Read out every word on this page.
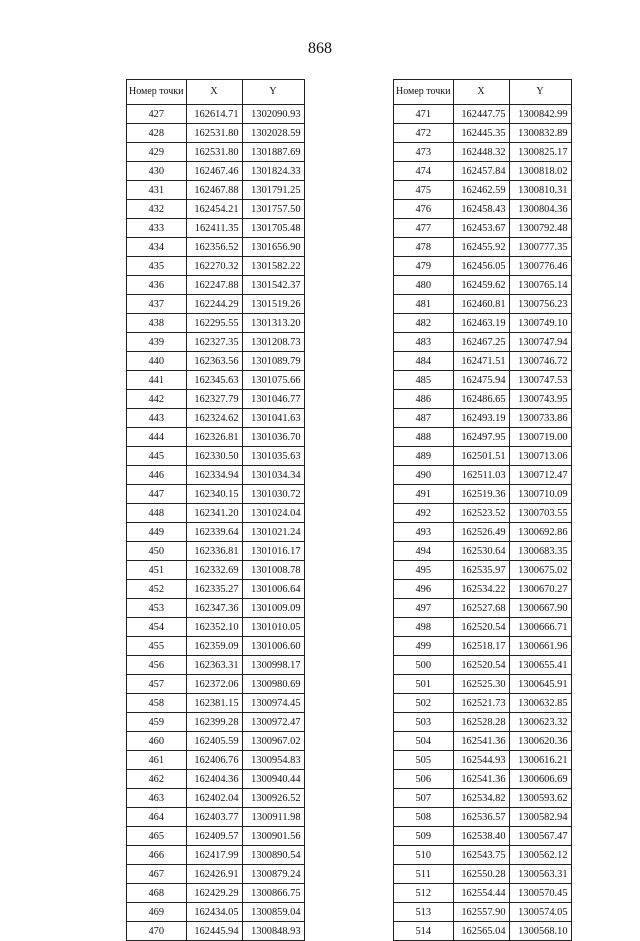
868
Номер точки	X	Y
427	162614.71	1302090.93
428	162531.80	1302028.59
429	162531.80	1301887.69
430	162467.46	1301824.33
431	162467.88	1301791.25
432	162454.21	1301757.50
433	162411.35	1301705.48
434	162356.52	1301656.90
435	162270.32	1301582.22
436	162247.88	1301542.37
437	162244.29	1301519.26
438	162295.55	1301313.20
439	162327.35	1301208.73
440	162363.56	1301089.79
441	162345.63	1301075.66
442	162327.79	1301046.77
443	162324.62	1301041.63
444	162326.81	1301036.70
445	162330.50	1301035.63
446	162334.94	1301034.34
447	162340.15	1301030.72
448	162341.20	1301024.04
449	162339.64	1301021.24
450	162336.81	1301016.17
451	162332.69	1301008.78
452	162335.27	1301006.64
453	162347.36	1301009.09
454	162352.10	1301010.05
455	162359.09	1301006.60
456	162363.31	1300998.17
457	162372.06	1300980.69
458	162381.15	1300974.45
459	162399.28	1300972.47
460	162405.59	1300967.02
461	162406.76	1300954.83
462	162404.36	1300940.44
463	162402.04	1300926.52
464	162403.77	1300911.98
465	162409.57	1300901.56
466	162417.99	1300890.54
467	162426.91	1300879.24
468	162429.29	1300866.75
469	162434.05	1300859.04
470	162445.94	1300848.93
Номер точки	X	Y
471	162447.75	1300842.99
472	162445.35	1300832.89
473	162448.32	1300825.17
474	162457.84	1300818.02
475	162462.59	1300810.31
476	162458.43	1300804.36
477	162453.67	1300792.48
478	162455.92	1300777.35
479	162456.05	1300776.46
480	162459.62	1300765.14
481	162460.81	1300756.23
482	162463.19	1300749.10
483	162467.25	1300747.94
484	162471.51	1300746.72
485	162475.94	1300747.53
486	162486.65	1300743.95
487	162493.19	1300733.86
488	162497.95	1300719.00
489	162501.51	1300713.06
490	162511.03	1300712.47
491	162519.36	1300710.09
492	162523.52	1300703.55
493	162526.49	1300692.86
494	162530.64	1300683.35
495	162535.97	1300675.02
496	162534.22	1300670.27
497	162527.68	1300667.90
498	162520.54	1300666.71
499	162518.17	1300661.96
500	162520.54	1300655.41
501	162525.30	1300645.91
502	162521.73	1300632.85
503	162528.28	1300623.32
504	162541.36	1300620.36
505	162544.93	1300616.21
506	162541.36	1300606.69
507	162534.82	1300593.62
508	162536.57	1300582.94
509	162538.40	1300567.47
510	162543.75	1300562.12
511	162550.28	1300563.31
512	162554.44	1300570.45
513	162557.90	1300574.05
514	162565.04	1300568.10
